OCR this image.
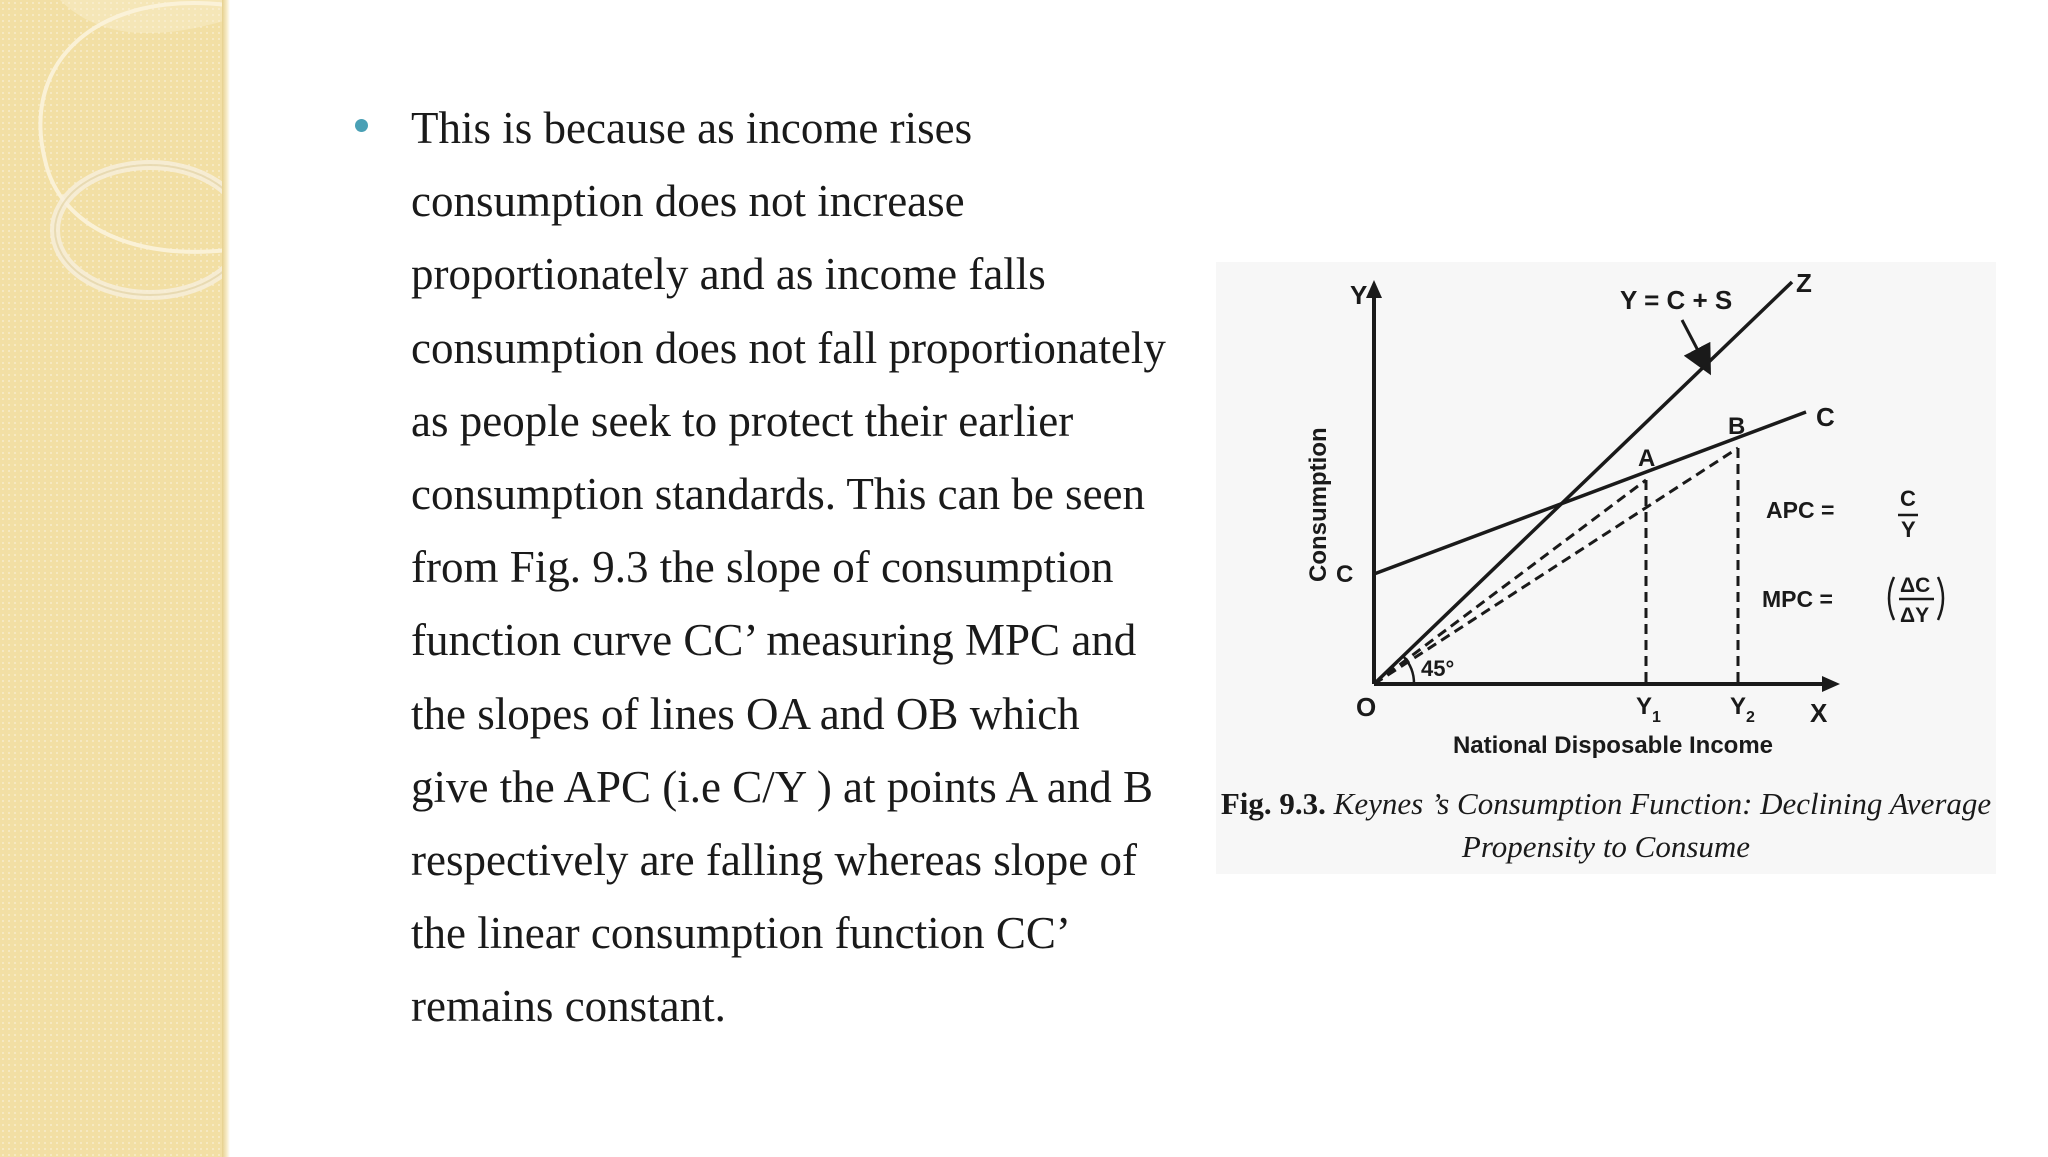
This is because as income rises
consumption does not increase
proportionately and as income falls
consumption does not fall proportionately
as people seek to protect their earlier
consumption standards. This can be seen
from Fig. 9.3 the slope of consumption
function curve CC’ measuring MPC and
the slopes of lines OA and OB which
give the APC (i.e C/Y ) at points A and B
respectively are falling whereas slope of
the linear consumption function CC’
remains constant.
Y
X
O
C
Y = C + S
Z
C
A
B
$Y_1$	$Y_2$
45°
APC =	C
Y
MPC =
ΔC
ΔY
Consumption
National Disposable Income
Fig. 9.3. Keynes ’s Consumption Function: Declining Average Propensity to Consume
